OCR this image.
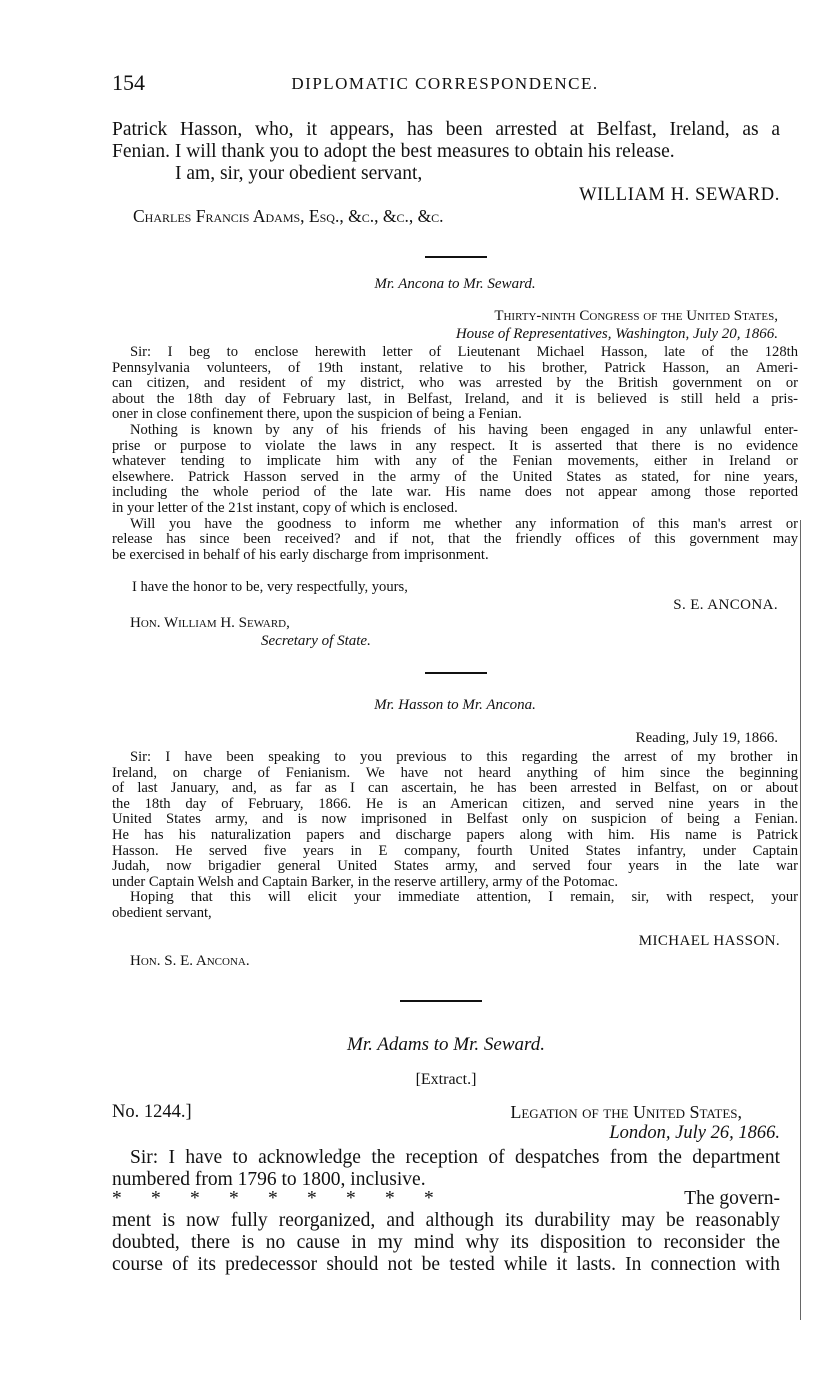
154	DIPLOMATIC CORRESPONDENCE.
Patrick Hasson, who, it appears, has been arrested at Belfast, Ireland, as a
Fenian. I will thank you to adopt the best measures to obtain his release.
I am, sir, your obedient servant,
WILLIAM H. SEWARD.
Charles Francis Adams, Esq., &c., &c., &c.
Mr. Ancona to Mr. Seward.
Thirty-ninth Congress of the United States,
House of Representatives, Washington, July 20, 1866.
Sir: I beg to enclose herewith letter of Lieutenant Michael Hasson, late of the 128th
Pennsylvania volunteers, of 19th instant, relative to his brother, Patrick Hasson, an Ameri-
can citizen, and resident of my district, who was arrested by the British government on or
about the 18th day of February last, in Belfast, Ireland, and it is believed is still held a pris-
oner in close confinement there, upon the suspicion of being a Fenian.
Nothing is known by any of his friends of his having been engaged in any unlawful enter-
prise or purpose to violate the laws in any respect. It is asserted that there is no evidence
whatever tending to implicate him with any of the Fenian movements, either in Ireland or
elsewhere. Patrick Hasson served in the army of the United States as stated, for nine years,
including the whole period of the late war. His name does not appear among those reported
in your letter of the 21st instant, copy of which is enclosed.
Will you have the goodness to inform me whether any information of this man's arrest or
release has since been received? and if not, that the friendly offices of this government may
be exercised in behalf of his early discharge from imprisonment.
I have the honor to be, very respectfully, yours,
S. E. ANCONA.
Hon. William H. Seward,
Secretary of State.
Mr. Hasson to Mr. Ancona.
Reading, July 19, 1866.
Sir: I have been speaking to you previous to this regarding the arrest of my brother in
Ireland, on charge of Fenianism. We have not heard anything of him since the beginning
of last January, and, as far as I can ascertain, he has been arrested in Belfast, on or about
the 18th day of February, 1866. He is an American citizen, and served nine years in the
United States army, and is now imprisoned in Belfast only on suspicion of being a Fenian.
He has his naturalization papers and discharge papers along with him. His name is Patrick
Hasson. He served five years in E company, fourth United States infantry, under Captain
Judah, now brigadier general United States army, and served four years in the late war
under Captain Welsh and Captain Barker, in the reserve artillery, army of the Potomac.
Hoping that this will elicit your immediate attention, I remain, sir, with respect, your
obedient servant,
MICHAEL HASSON.
Hon. S. E. Ancona.
Mr. Adams to Mr. Seward.
[Extract.]
No. 1244.]	Legation of the United States,
London, July 26, 1866.
Sir: I have to acknowledge the reception of despatches from the department
numbered from 1796 to 1800, inclusive.
*      *      *      *      *      *      *      *      *	The govern-
ment is now fully reorganized, and although its durability may be reasonably
doubted, there is no cause in my mind why its disposition to reconsider the
course of its predecessor should not be tested while it lasts. In connection with
